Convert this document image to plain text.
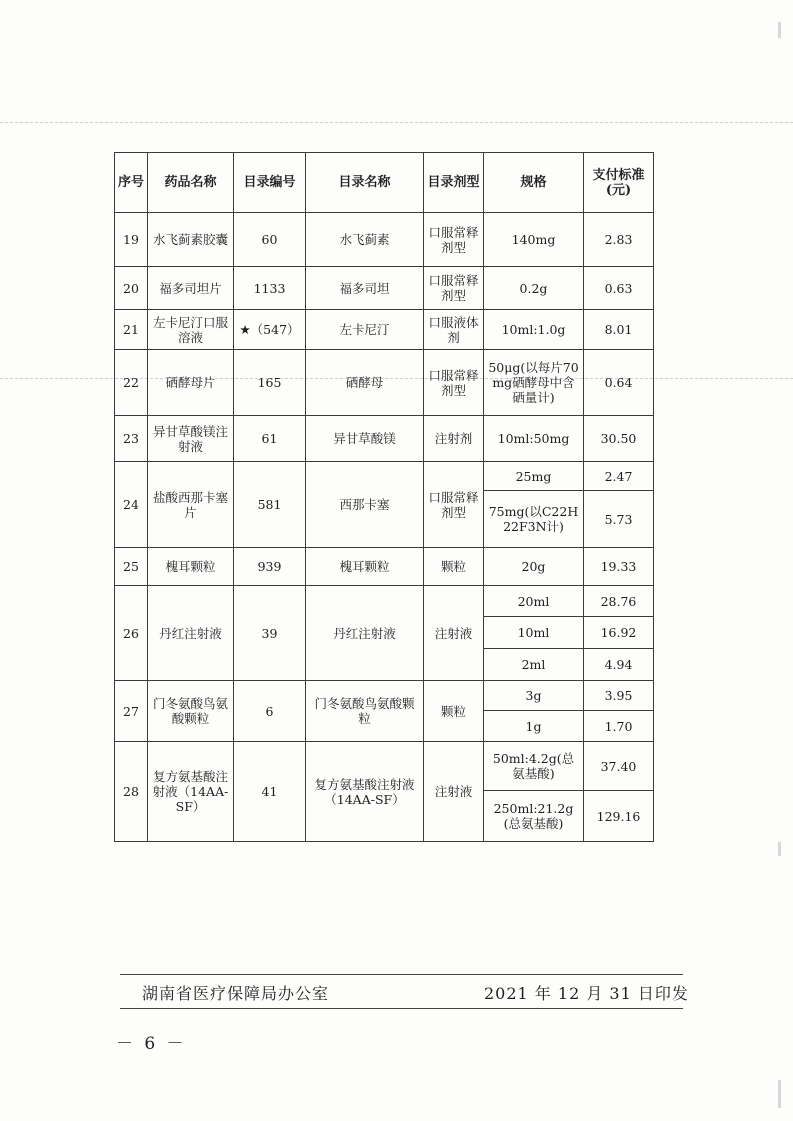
序号	药品名称	目录编号	目录名称	目录剂型	规格	支付标准(元)
19	水飞蓟素胶囊	60	水飞蓟素	口服常释剂型	140mg	2.83
20	福多司坦片	1133	福多司坦	口服常释剂型	0.2g	0.63
21	左卡尼汀口服溶液	★（547）	左卡尼汀	口服液体剂	10ml:1.0g	8.01
22	硒酵母片	165	硒酵母	口服常释剂型	50μg(以每片70mg硒酵母中含硒量计)	0.64
23	异甘草酸镁注射液	61	异甘草酸镁	注射剂	10ml:50mg	30.50
24	盐酸西那卡塞片	581	西那卡塞	口服常释剂型	25mg	2.47
					75mg(以C22H22F3N计)	5.73
25	槐耳颗粒	939	槐耳颗粒	颗粒	20g	19.33
26	丹红注射液	39	丹红注射液	注射液	20ml	28.76
					10ml	16.92
					2ml	4.94
27	门冬氨酸鸟氨酸颗粒	6	门冬氨酸鸟氨酸颗粒	颗粒	3g	3.95
					1g	1.70
28	复方氨基酸注射液（14AA-SF）	41	复方氨基酸注射液（14AA-SF）	注射液	50ml:4.2g(总氨基酸)	37.40
					250ml:21.2g(总氨基酸)	129.16
湖南省医疗保障局办公室	2021 年 12 月 31 日印发
－ 6 －
